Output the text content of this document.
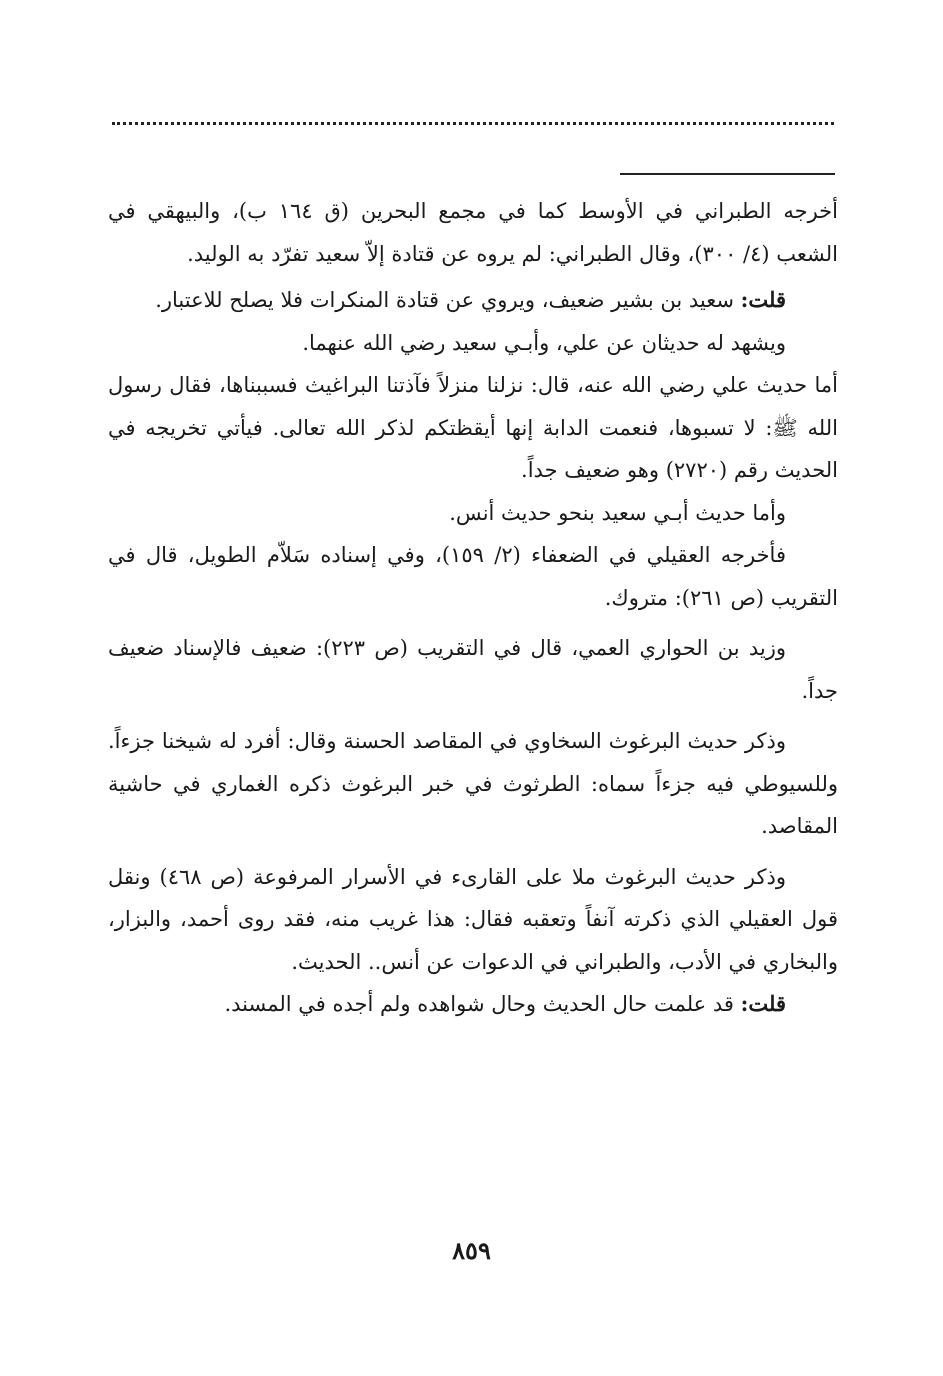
أخرجه الطبراني في الأوسط كما في مجمع البحرين (ق ١٦٤ ب)، والبيهقي في الشعب (٤/ ٣٠٠)، وقال الطبراني: لم يروه عن قتادة إلاّ سعيد تفرّد به الوليد.

قلت: سعيد بن بشير ضعيف، ويروي عن قتادة المنكرات فلا يصلح للاعتبار.

ويشهد له حديثان عن علي، وأبـي سعيد رضي الله عنهما.

أما حديث علي رضي الله عنه، قال: نزلنا منزلاً فآذتنا البراغيث فسببناها، فقال رسول الله ﷺ: لا تسبوها، فنعمت الدابة إنها أيقظتكم لذكر الله تعالى. فيأتي تخريجه في الحديث رقم (٢٧٢٠) وهو ضعيف جداً.

وأما حديث أبـي سعيد بنحو حديث أنس.

فأخرجه العقيلي في الضعفاء (٢/ ١٥٩)، وفي إسناده سَلاّم الطويل، قال في التقريب (ص ٢٦١): متروك.

وزيد بن الحواري العمي، قال في التقريب (ص ٢٢٣): ضعيف فالإسناد ضعيف جداً.

وذكر حديث البرغوث السخاوي في المقاصد الحسنة وقال: أفرد له شيخنا جزءاً. وللسيوطي فيه جزءاً سماه: الطرثوث في خبر البرغوث ذكره الغماري في حاشية المقاصد.

وذكر حديث البرغوث ملا على القارىء في الأسرار المرفوعة (ص ٤٦٨) ونقل قول العقيلي الذي ذكرته آنفاً وتعقبه فقال: هذا غريب منه، فقد روى أحمد، والبزار، والبخاري في الأدب، والطبراني في الدعوات عن أنس.. الحديث.

قلت: قد علمت حال الحديث وحال شواهده ولم أجده في المسند.

٨٥٩
